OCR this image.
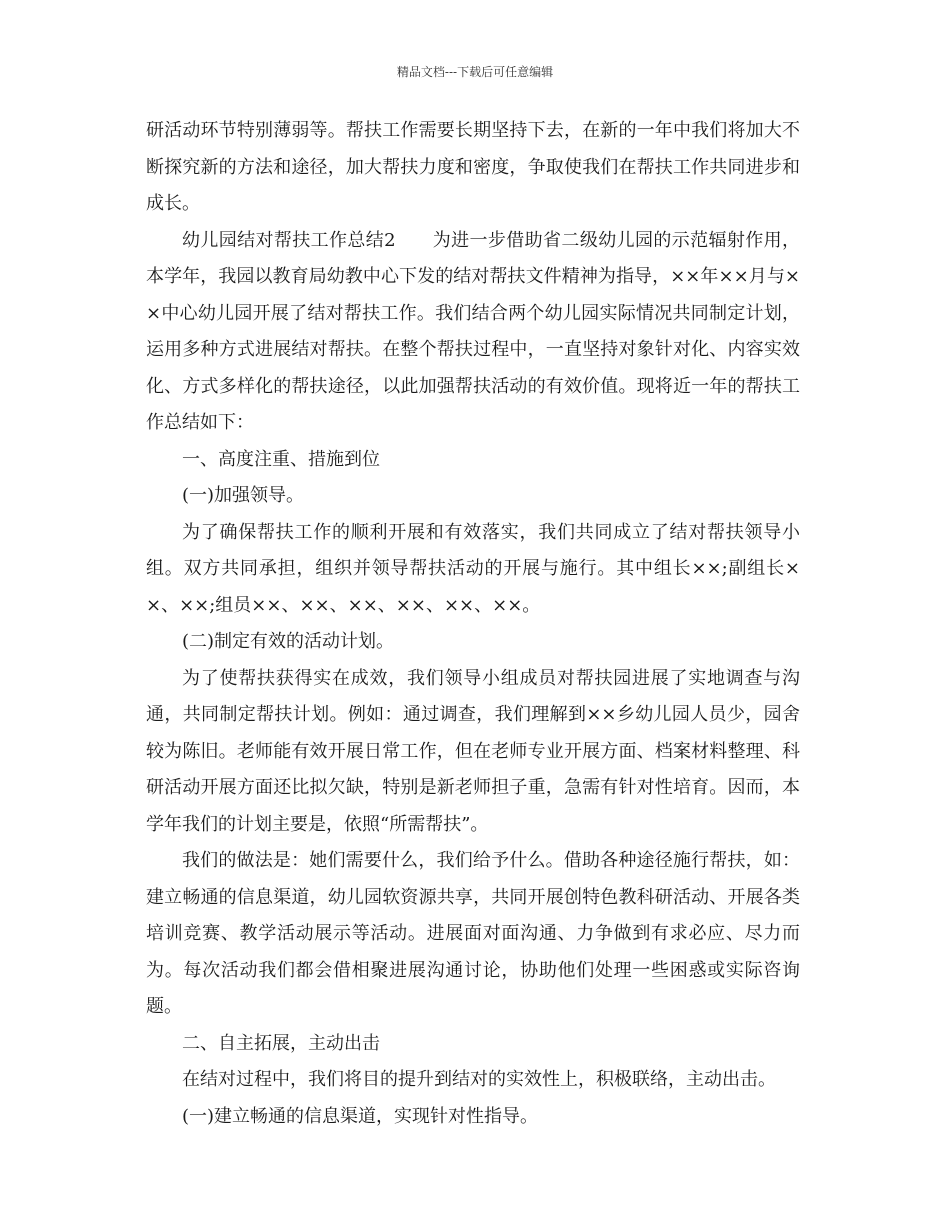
精品文档---下载后可任意编辑

研活动环节特别薄弱等。帮扶工作需要长期坚持下去，在新的一年中我们将加大不断探究新的方法和途径，加大帮扶力度和密度，争取使我们在帮扶工作共同进步和成长。

幼儿园结对帮扶工作总结2　　为进一步借助省二级幼儿园的示范辐射作用，本学年，我园以教育局幼教中心下发的结对帮扶文件精神为指导，××年××月与××中心幼儿园开展了结对帮扶工作。我们结合两个幼儿园实际情况共同制定计划，运用多种方式进展结对帮扶。在整个帮扶过程中，一直坚持对象针对化、内容实效化、方式多样化的帮扶途径，以此加强帮扶活动的有效价值。现将近一年的帮扶工作总结如下：

一、高度注重、措施到位

(一)加强领导。

为了确保帮扶工作的顺利开展和有效落实，我们共同成立了结对帮扶领导小组。双方共同承担，组织并领导帮扶活动的开展与施行。其中组长××;副组长××、××;组员××、××、××、××、××、××。

(二)制定有效的活动计划。

为了使帮扶获得实在成效，我们领导小组成员对帮扶园进展了实地调查与沟通，共同制定帮扶计划。例如：通过调查，我们理解到××乡幼儿园人员少，园舍较为陈旧。老师能有效开展日常工作，但在老师专业开展方面、档案材料整理、科研活动开展方面还比拟欠缺，特别是新老师担子重，急需有针对性培育。因而，本学年我们的计划主要是，依照“所需帮扶”。

我们的做法是：她们需要什么，我们给予什么。借助各种途径施行帮扶，如：建立畅通的信息渠道，幼儿园软资源共享，共同开展创特色教科研活动、开展各类培训竞赛、教学活动展示等活动。进展面对面沟通、力争做到有求必应、尽力而为。每次活动我们都会借相聚进展沟通讨论，协助他们处理一些困惑或实际咨询题。

二、自主拓展，主动出击

在结对过程中，我们将目的提升到结对的实效性上，积极联络，主动出击。

(一)建立畅通的信息渠道，实现针对性指导。
